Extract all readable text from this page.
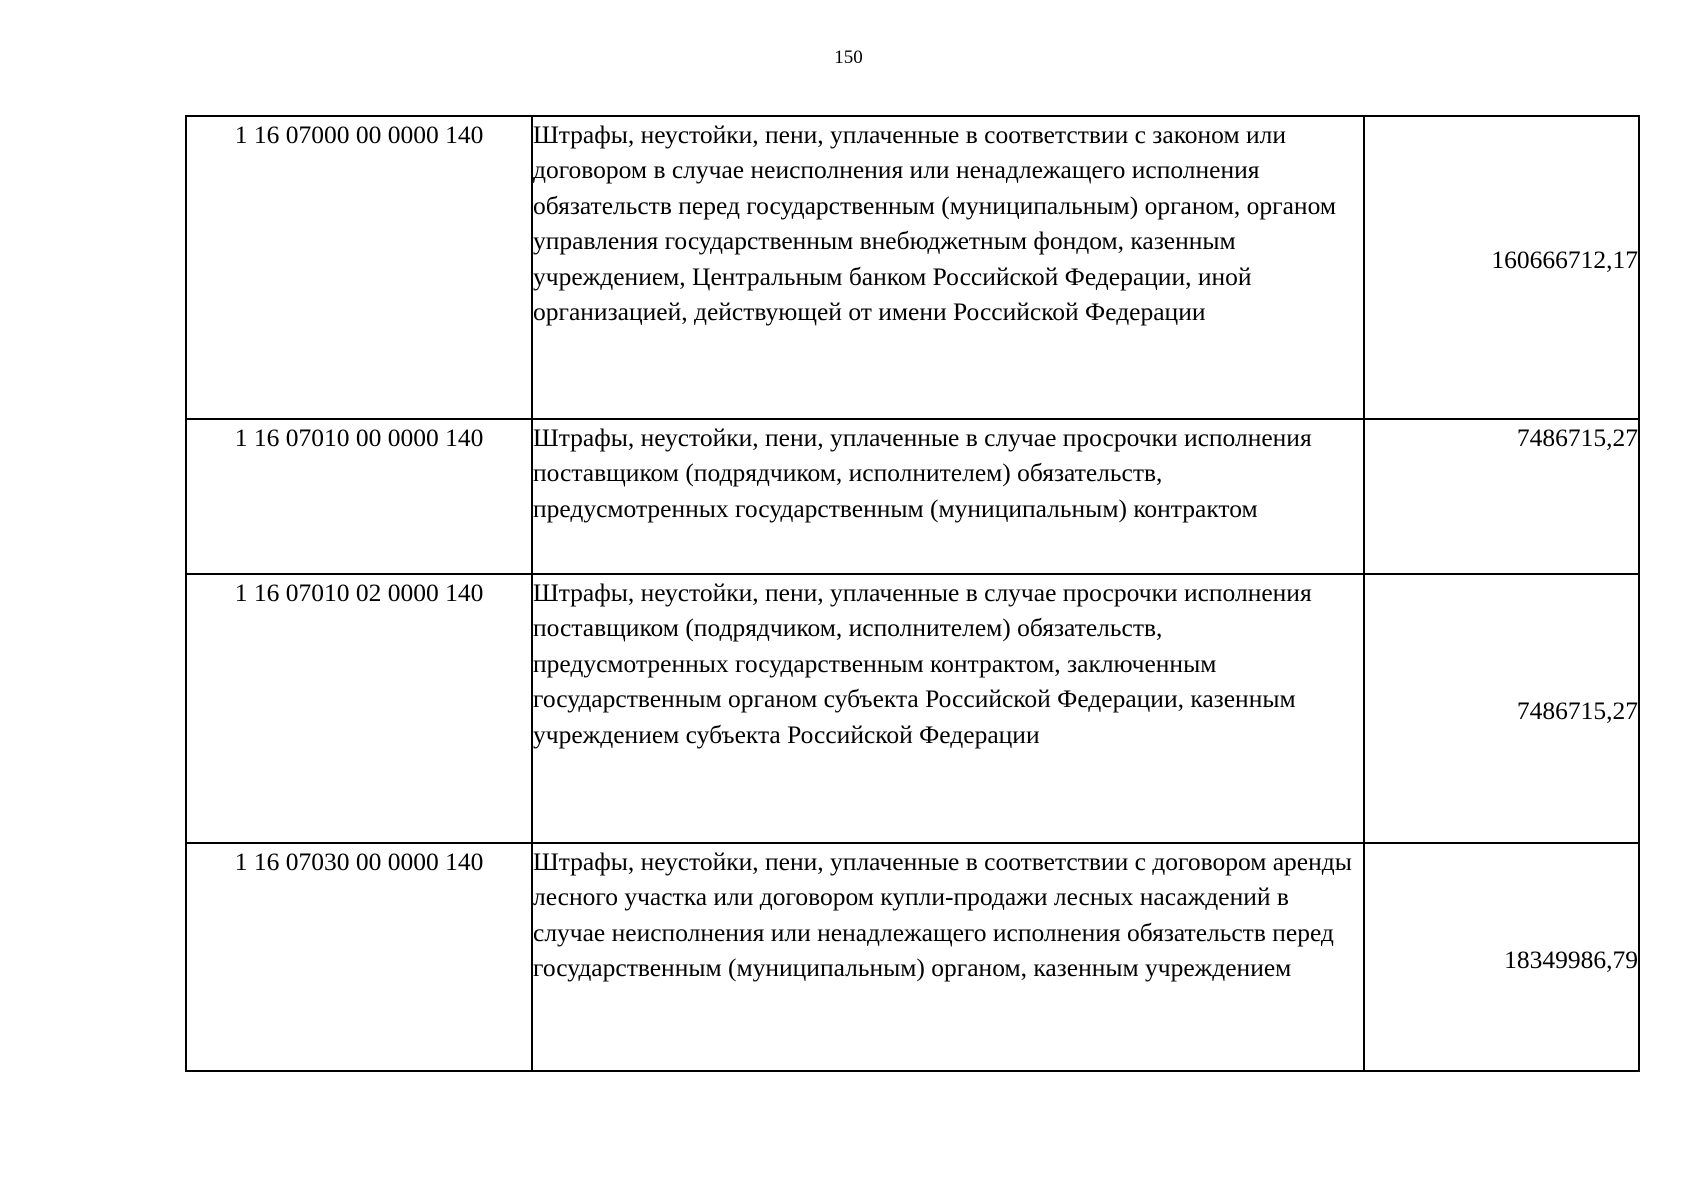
150
1 16 07000 00 0000 140	Штрафы, неустойки, пени, уплаченные в соответствии с законом или договором в случае неисполнения или ненадлежащего исполнения обязательств перед государственным (муниципальным) органом, органом управления государственным внебюджетным фондом, казенным учреждением, Центральным банком Российской Федерации, иной организацией, действующей от имени Российской Федерации	160666712,17
1 16 07010 00 0000 140	Штрафы, неустойки, пени, уплаченные в случае просрочки исполнения поставщиком (подрядчиком, исполнителем) обязательств, предусмотренных государственным (муниципальным) контрактом	7486715,27
1 16 07010 02 0000 140	Штрафы, неустойки, пени, уплаченные в случае просрочки исполнения поставщиком (подрядчиком, исполнителем) обязательств, предусмотренных государственным контрактом, заключенным государственным органом субъекта Российской Федерации, казенным учреждением субъекта Российской Федерации	7486715,27
1 16 07030 00 0000 140	Штрафы, неустойки, пени, уплаченные в соответствии с договором аренды лесного участка или договором купли-продажи лесных насаждений в случае неисполнения или ненадлежащего исполнения обязательств перед государственным (муниципальным) органом, казенным учреждением	18349986,79
